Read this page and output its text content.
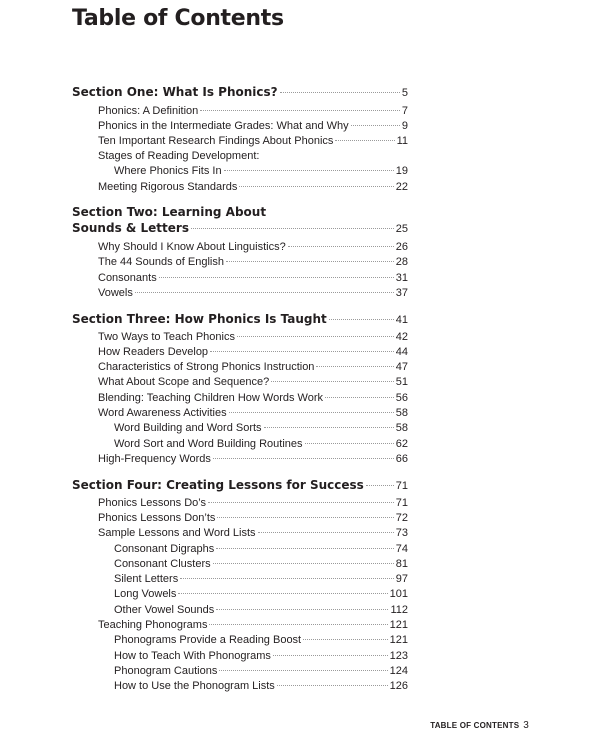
Table of Contents
Section One: What Is Phonics?	5
Phonics: A Definition	7
Phonics in the Intermediate Grades: What and Why	9
Ten Important Research Findings About Phonics	11
Stages of Reading Development:
Where Phonics Fits In	19
Meeting Rigorous Standards	22
Section Two: Learning About
Sounds & Letters	25
Why Should I Know About Linguistics?	26
The 44 Sounds of English	28
Consonants	31
Vowels	37
Section Three: How Phonics Is Taught	41
Two Ways to Teach Phonics	42
How Readers Develop	44
Characteristics of Strong Phonics Instruction	47
What About Scope and Sequence?	51
Blending: Teaching Children How Words Work	56
Word Awareness Activities	58
Word Building and Word Sorts	58
Word Sort and Word Building Routines	62
High-Frequency Words	66
Section Four: Creating Lessons for Success	71
Phonics Lessons Do’s	71
Phonics Lessons Don’ts	72
Sample Lessons and Word Lists	73
Consonant Digraphs	74
Consonant Clusters	81
Silent Letters	97
Long Vowels	101
Other Vowel Sounds	112
Teaching Phonograms	121
Phonograms Provide a Reading Boost	121
How to Teach With Phonograms	123
Phonogram Cautions	124
How to Use the Phonogram Lists	126
TABLE OF CONTENTS 3
